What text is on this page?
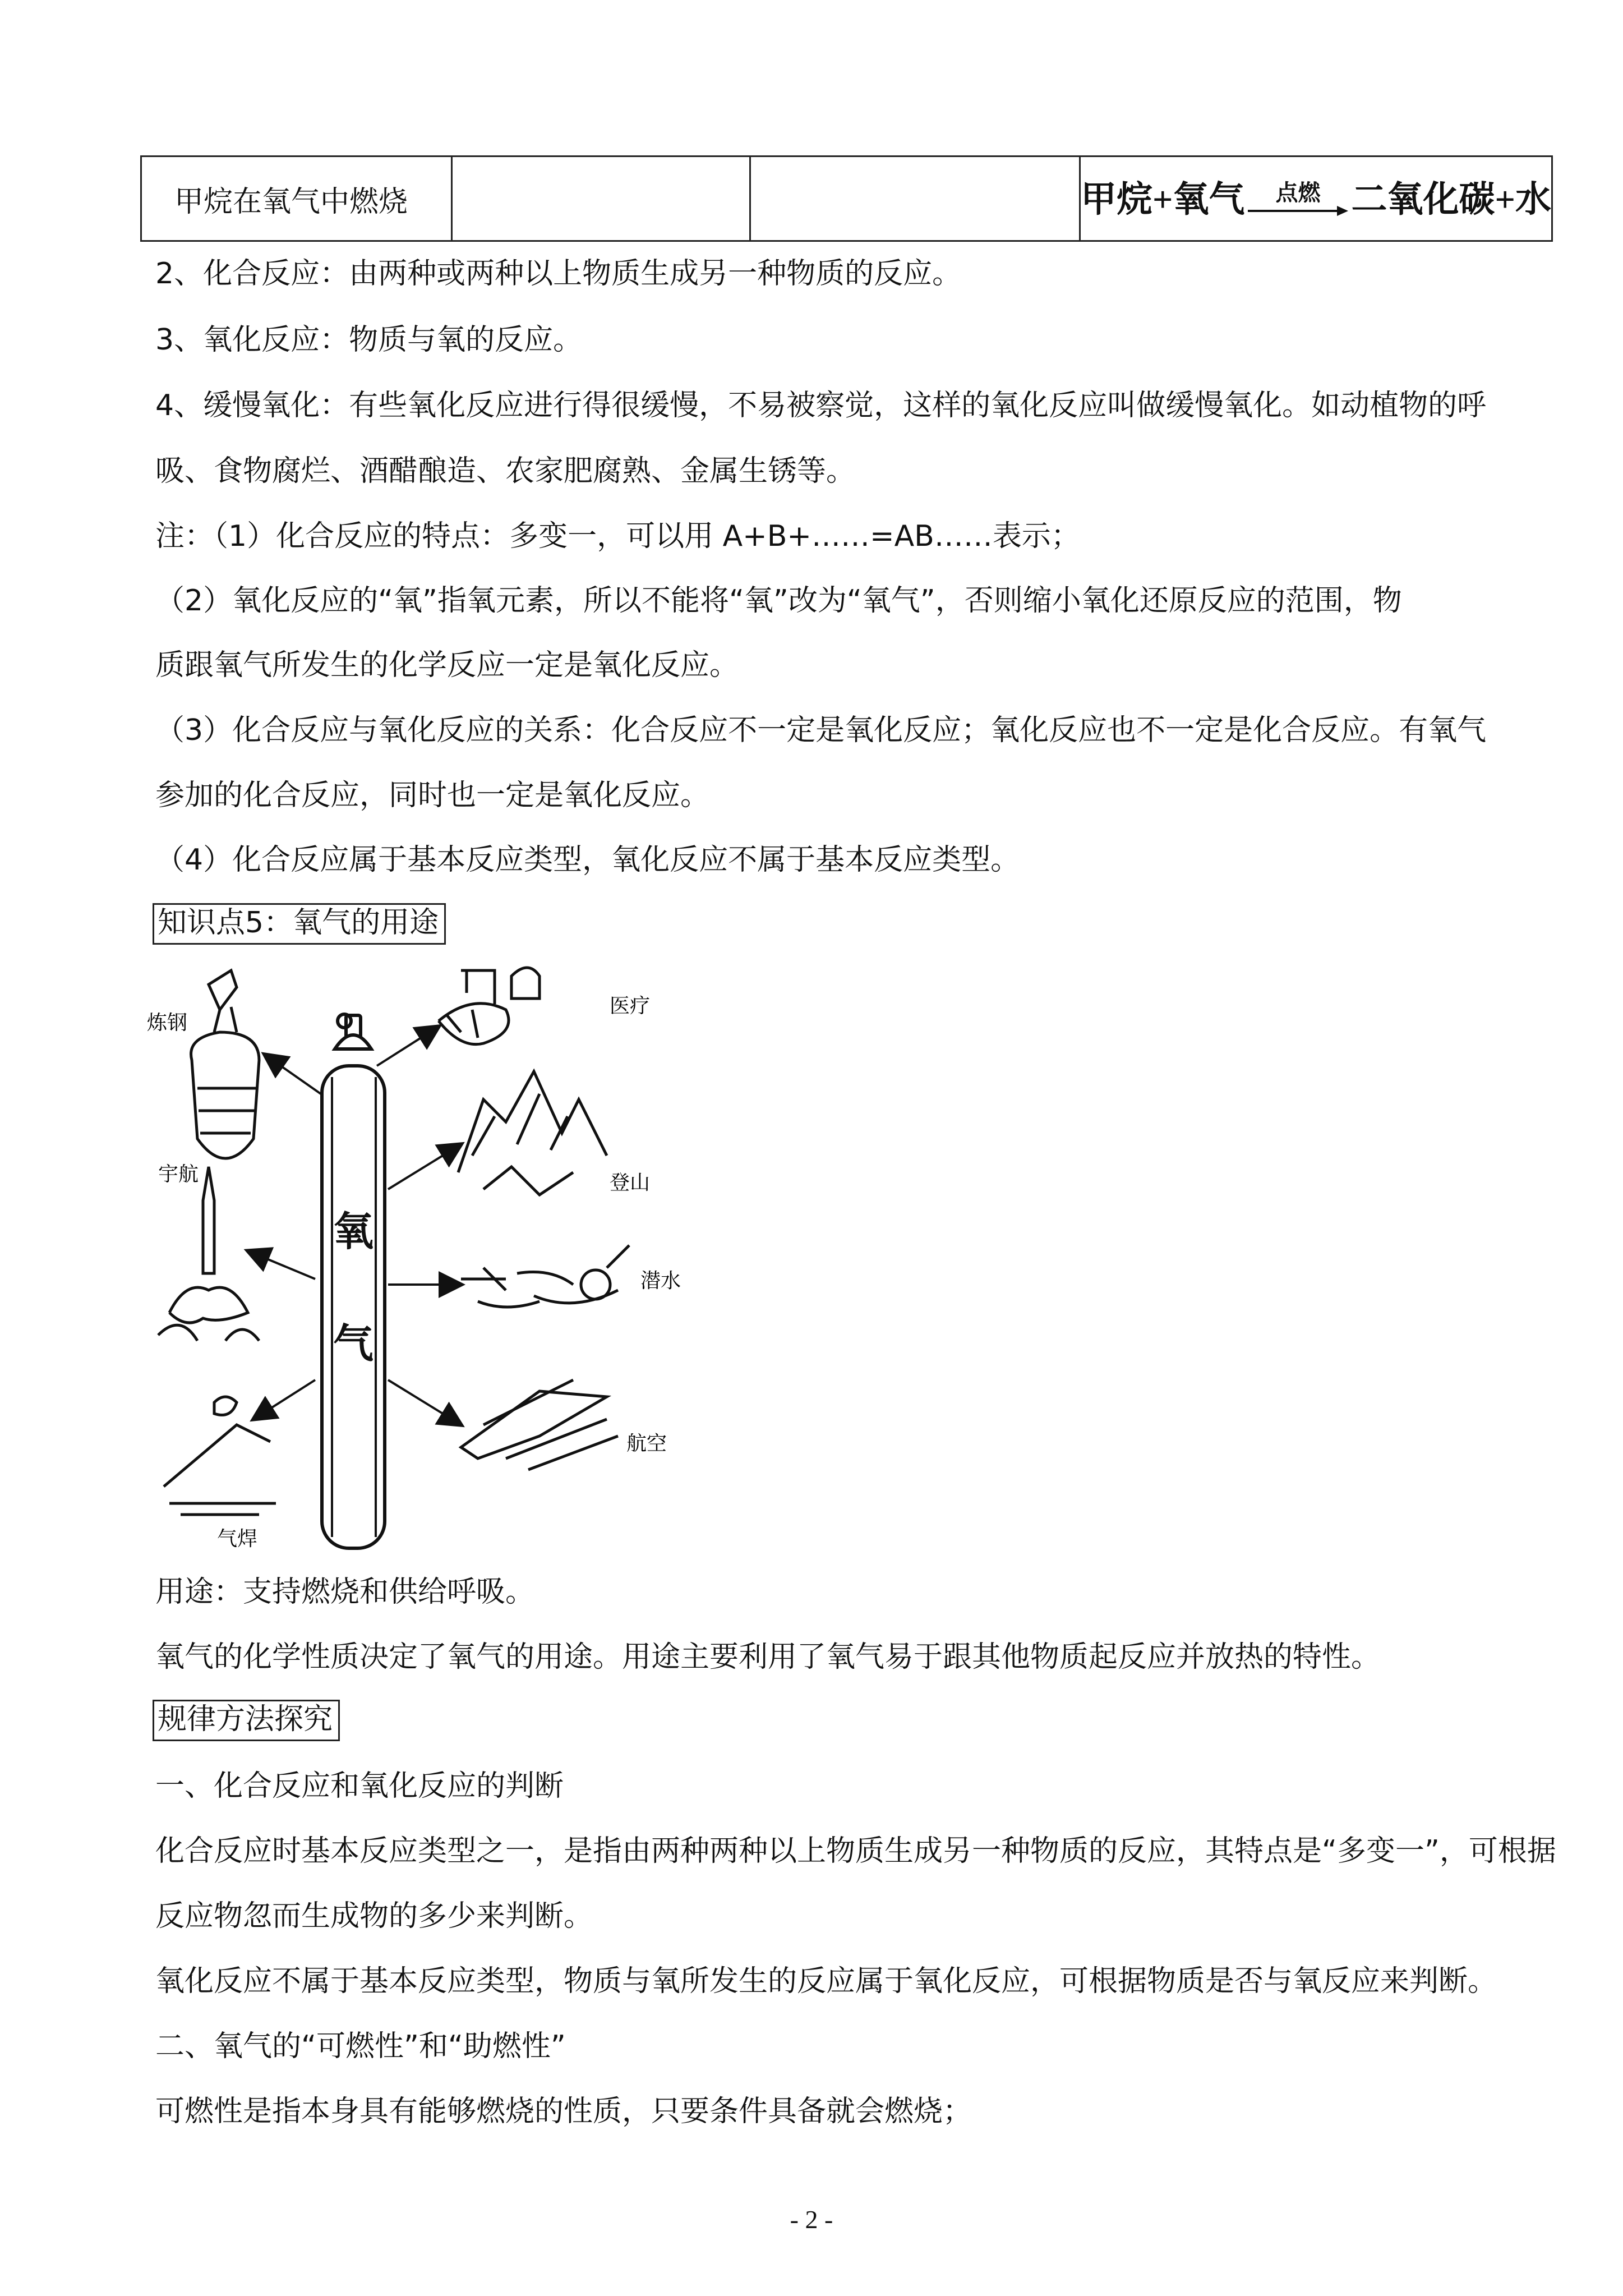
甲烷在氧气中燃烧			甲烷+氧气	点燃 二氧化碳+水
2、化合反应：由两种或两种以上物质生成另一种物质的反应。
3、氧化反应：物质与氧的反应。
4、缓慢氧化：有些氧化反应进行得很缓慢，不易被察觉，这样的氧化反应叫做缓慢氧化。如动植物的呼
吸、食物腐烂、酒醋酿造、农家肥腐熟、金属生锈等。
注：（1）化合反应的特点：多变一，可以用 A+B+……=AB……表示；
（2）氧化反应的“氧”指氧元素，所以不能将“氧”改为“氧气”，否则缩小氧化还原反应的范围，物
质跟氧气所发生的化学反应一定是氧化反应。
（3）化合反应与氧化反应的关系：化合反应不一定是氧化反应；氧化反应也不一定是化合反应。有氧气
参加的化合反应，同时也一定是氧化反应。
（4）化合反应属于基本反应类型，氧化反应不属于基本反应类型。
知识点5：氧气的用途
氧
气
炼钢
医疗
登山
宇航
潜水
航空
气焊
用途：支持燃烧和供给呼吸。
氧气的化学性质决定了氧气的用途。用途主要利用了氧气易于跟其他物质起反应并放热的特性。
规律方法探究
一、化合反应和氧化反应的判断
化合反应时基本反应类型之一，是指由两种两种以上物质生成另一种物质的反应，其特点是“多变一”，可根据
反应物忽而生成物的多少来判断。
氧化反应不属于基本反应类型，物质与氧所发生的反应属于氧化反应，可根据物质是否与氧反应来判断。
二、氧气的“可燃性”和“助燃性”
可燃性是指本身具有能够燃烧的性质，只要条件具备就会燃烧；
- 2 -
